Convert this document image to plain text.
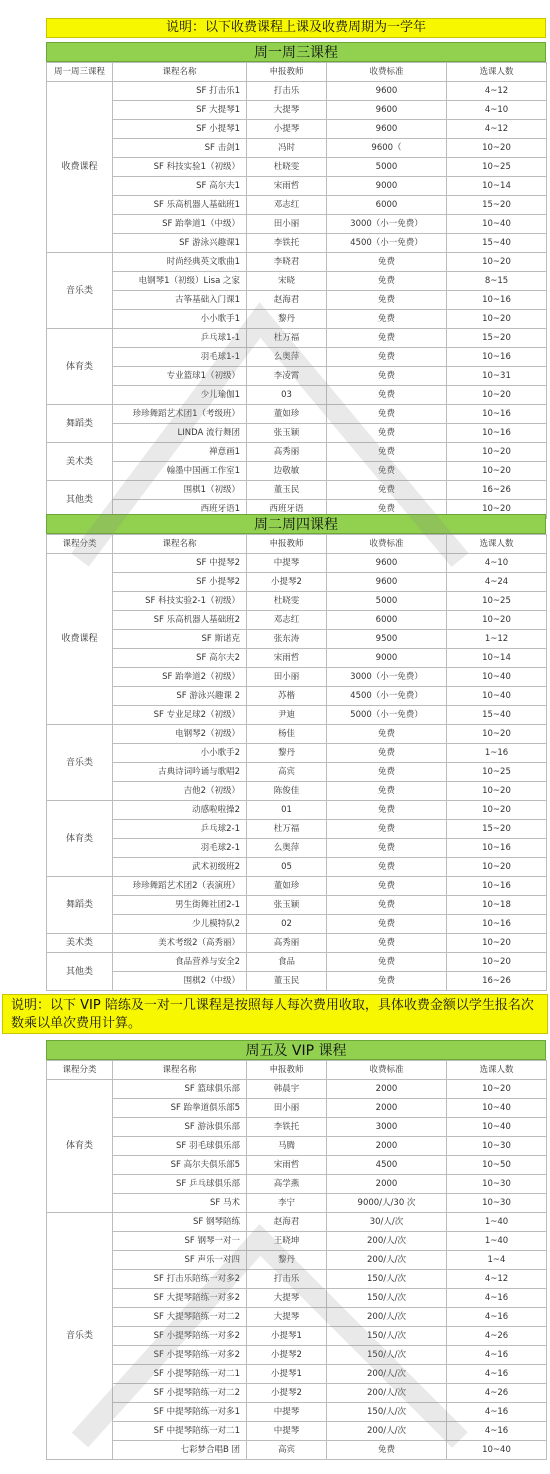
说明：以下收费课程上课及收费周期为一学年
周一周三课程
周一周三课程	课程名称	申报教师	收费标准	选课人数
收费课程	SF 打击乐1	打击乐	9600	4~12
	SF 大提琴1	大提琴	9600	4~10
	SF 小提琴1	小提琴	9600	4~12
	SF 击剑1	冯时	9600（	10~20
	SF 科技实验1（初级）	杜晓雯	5000	10~25
	SF 高尔夫1	宋雨哲	9000	10~14
	SF 乐高机器人基础班1	邓志红	6000	15~20
	SF 跆拳道1（中级）	田小丽	3000（小一免费）	10~40
	SF 游泳兴趣课1	李铁托	4500（小一免费）	15~40
音乐类	时尚经典英文歌曲1	李晓君	免费	10~20
	电钢琴1（初级）Lisa 之家	宋晓	免费	8~15
	古筝基础入门课1	赵海君	免费	10~16
	小小歌手1	黎丹	免费	10~20
体育类	乒乓球1-1	杜万福	免费	15~20
	羽毛球1-1	么奥萍	免费	10~16
	专业篮球1（初级）	李凌霄	免费	10~31
	少儿瑜伽1	03	免费	10~20
舞蹈类	珍珍舞蹈艺术团1（考级班）	董如珍	免费	10~16
	LINDA 流行舞团	张玉颖	免费	10~16
美术类	禅意画1	高秀丽	免费	10~20
	翰墨中国画工作室1	边敬敏	免费	10~20
其他类	围棋1（初级）	董玉民	免费	16~26
	西班牙语1	西班牙语	免费	10~20
周二周四课程
课程分类	课程名称	申报教师	收费标准	选课人数
收费课程	SF 中提琴2	中提琴	9600	4~10
	SF 小提琴2	小提琴2	9600	4~24
	SF 科技实验2-1（初级）	杜晓雯	5000	10~25
	SF 乐高机器人基础班2	邓志红	6000	10~20
	SF 斯诺克	张东涛	9500	1~12
	SF 高尔夫2	宋雨哲	9000	10~14
	SF 跆拳道2（初级）	田小丽	3000（小一免费）	10~40
	SF 游泳兴趣课 2	苏楷	4500（小一免费）	10~40
	SF 专业足球2（初级）	尹迪	5000（小一免费）	15~40
音乐类	电钢琴2（初级）	杨佳	免费	10~20
	小小歌手2	黎丹	免费	1~16
	古典诗词吟诵与歌唱2	高宾	免费	10~25
	吉他2（初级）	陈俊佳	免费	10~20
体育类	动感啦啦操2	01	免费	10~20
	乒乓球2-1	杜万福	免费	15~20
	羽毛球2-1	么奥萍	免费	10~16
	武术初级班2	05	免费	10~20
舞蹈类	珍珍舞蹈艺术团2（表演班）	董如珍	免费	10~16
	男生街舞社团2-1	张玉颖	免费	10~18
	少儿模特队2	02	免费	10~16
美术类	美术考级2（高秀丽）	高秀丽	免费	10~20
其他类	食品营养与安全2	食品	免费	10~20
	围棋2（中级）	董玉民	免费	16~26
说明：以下 VIP 陪练及一对一几课程是按照每人每次费用收取，具体收费金额以学生报名次数乘以单次费用计算。
周五及 VIP 课程
课程分类	课程名称	申报教师	收费标准	选课人数
体育类	SF 篮球俱乐部	韩晨宇	2000	10~20
	SF 跆拳道俱乐部5	田小丽	2000	10~40
	SF 游泳俱乐部	李铁托	3000	10~40
	SF 羽毛球俱乐部	马腾	2000	10~30
	SF 高尔夫俱乐部5	宋雨哲	4500	10~50
	SF 乒乓球俱乐部	高学燕	2000	10~30
	SF 马术	李宁	9000/人/30 次	10~30
音乐类	SF 钢琴陪练	赵海君	30/人/次	1~40
	SF 钢琴一对一	王晓坤	200/人/次	1~40
	SF 声乐一对四	黎丹	200/人/次	1~4
	SF 打击乐陪练一对多2	打击乐	150/人/次	4~12
	SF 大提琴陪练一对多2	大提琴	150/人/次	4~16
	SF 大提琴陪练一对二2	大提琴	200/人/次	4~16
	SF 小提琴陪练一对多2	小提琴1	150/人/次	4~26
	SF 小提琴陪练一对多2	小提琴2	150/人/次	4~16
	SF 小提琴陪练一对二1	小提琴1	200/人/次	4~16
	SF 小提琴陪练一对二2	小提琴2	200/人/次	4~26
	SF 中提琴陪练一对多1	中提琴	150/人/次	4~16
	SF 中提琴陪练一对二1	中提琴	200/人/次	4~16
	七彩梦合唱B 团	高宾	免费	10~40
